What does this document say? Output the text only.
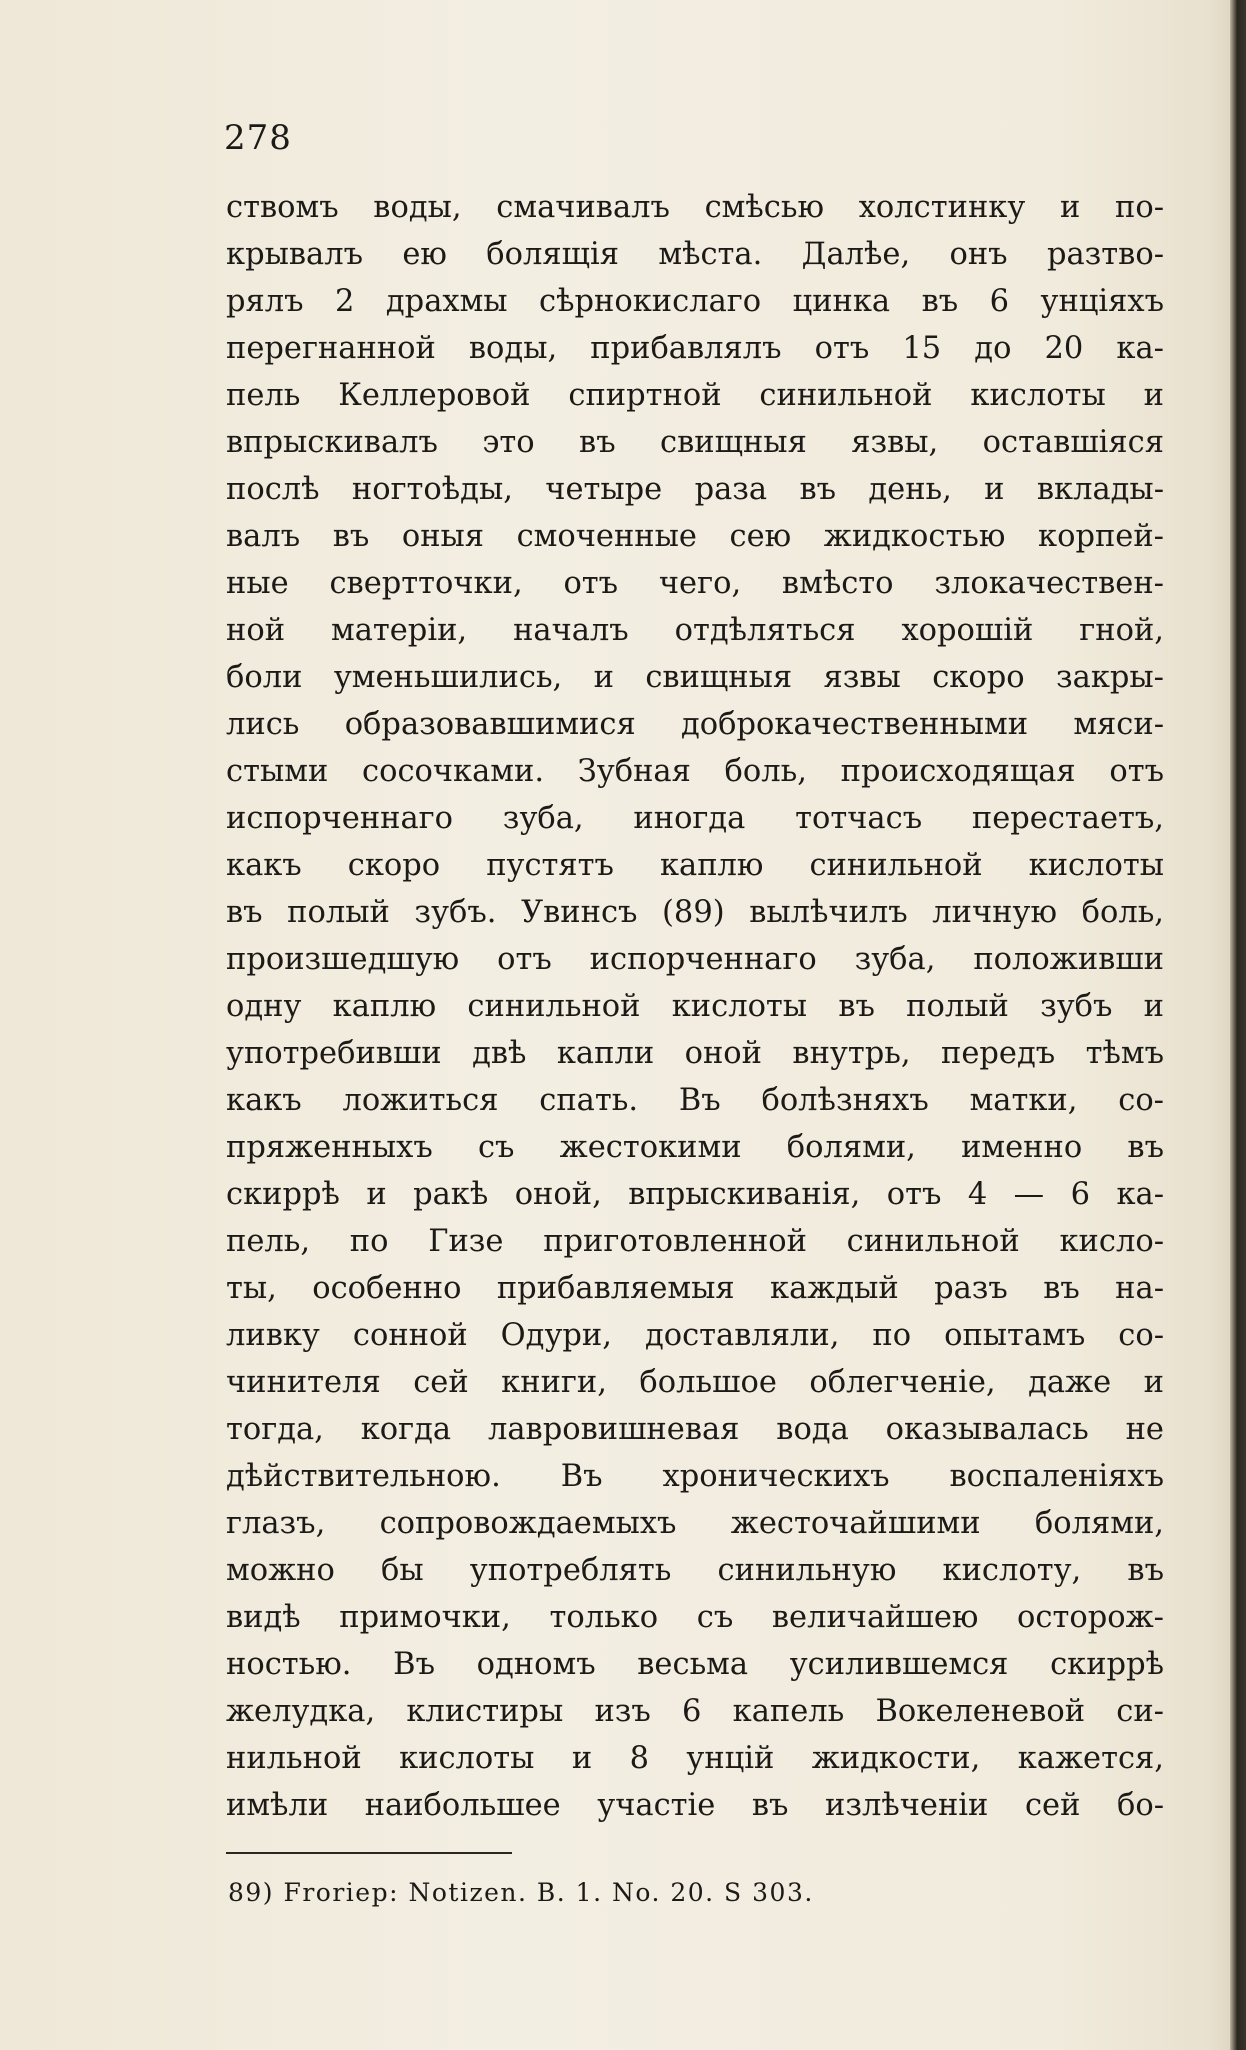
278
ствомъ воды, смачивалъ смѣсью холстинку и по-
крывалъ ею болящія мѣста. Далѣе, онъ разтво-
рялъ 2 драхмы сѣрнокислаго цинка въ 6 унціяхъ
перегнанной воды, прибавлялъ отъ 15 до 20 ка-
пель Келлеровой спиртной синильной кислоты и
впрыскивалъ это въ свищныя язвы, оставшіяся
послѣ ногтоѣды, четыре раза въ день, и вклады-
валъ въ оныя смоченные сею жидкостью корпей-
ные свертточки, отъ чего, вмѣсто злокачествен-
ной матеріи, началъ отдѣляться хорошій гной,
боли уменьшились, и свищныя язвы скоро закры-
лись образовавшимися доброкачественными мяси-
стыми сосочками. Зубная боль, происходящая отъ
испорченнаго зуба, иногда тотчасъ перестаетъ,
какъ скоро пустятъ каплю синильной кислоты
въ полый зубъ. Увинсъ (89) вылѣчилъ личную боль,
произшедшую отъ испорченнаго зуба, положивши
одну каплю синильной кислоты въ полый зубъ и
употребивши двѣ капли оной внутрь, передъ тѣмъ
какъ ложиться спать. Въ болѣзняхъ матки, со-
пряженныхъ съ жестокими болями, именно въ
скиррѣ и ракѣ оной, впрыскиванія, отъ 4 — 6 ка-
пель, по Гизе приготовленной синильной кисло-
ты, особенно прибавляемыя каждый разъ въ на-
ливку сонной Одури, доставляли, по опытамъ со-
чинителя сей книги, большое облегченіе, даже и
тогда, когда лавровишневая вода оказывалась не
дѣйствительною. Въ хроническихъ воспаленіяхъ
глазъ, сопровождаемыхъ жесточайшими болями,
можно бы употреблять синильную кислоту, въ
видѣ примочки, только съ величайшею осторож-
ностью. Въ одномъ весьма усилившемся скиррѣ
желудка, клистиры изъ 6 капель Вокеленевой си-
нильной кислоты и 8 унцій жидкости, кажется,
имѣли наибольшее участіе въ излѣченіи сей бо-
89) Froriep: Notizen. B. 1. No. 20. S 303.
